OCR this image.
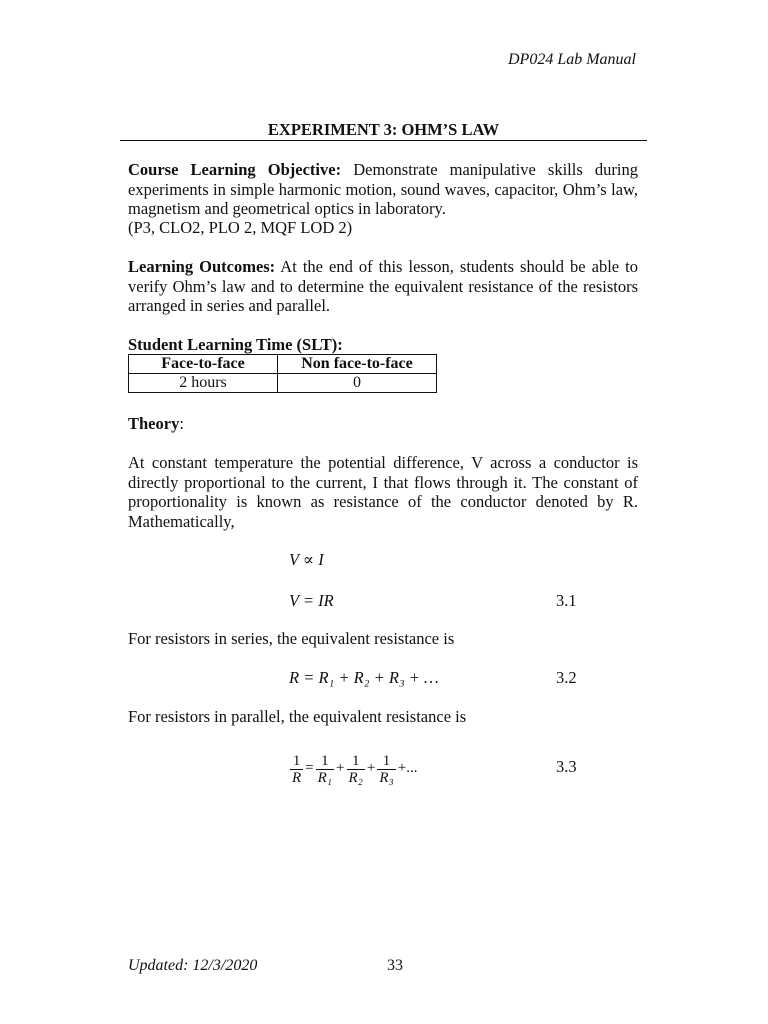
DP024 Lab Manual
EXPERIMENT 3: OHM’S LAW
Course Learning Objective: Demonstrate manipulative skills during experiments in simple harmonic motion, sound waves, capacitor, Ohm’s law, magnetism and geometrical optics in laboratory.
(P3, CLO2, PLO 2, MQF LOD 2)
Learning Outcomes: At the end of this lesson, students should be able to verify Ohm’s law and to determine the equivalent resistance of the resistors arranged in series and parallel.
Student Learning Time (SLT):
Face-to-face	Non face-to-face
2 hours	0
Theory:
At constant temperature the potential difference, V across a conductor is directly proportional to the current, I that flows through it. The constant of proportionality is known as resistance of the conductor denoted by R. Mathematically,
V ∝ I
V = IR	3.1
For resistors in series, the equivalent resistance is
R = R₁ + R₂ + R₃ + …	3.2
For resistors in parallel, the equivalent resistance is
$\frac{1}{R} = \frac{1}{\text{R₁}} + \frac{1}{\text{R₂}} + \frac{1}{\text{R₃}}$ +...	3.3
Updated: 12/3/2020	33
